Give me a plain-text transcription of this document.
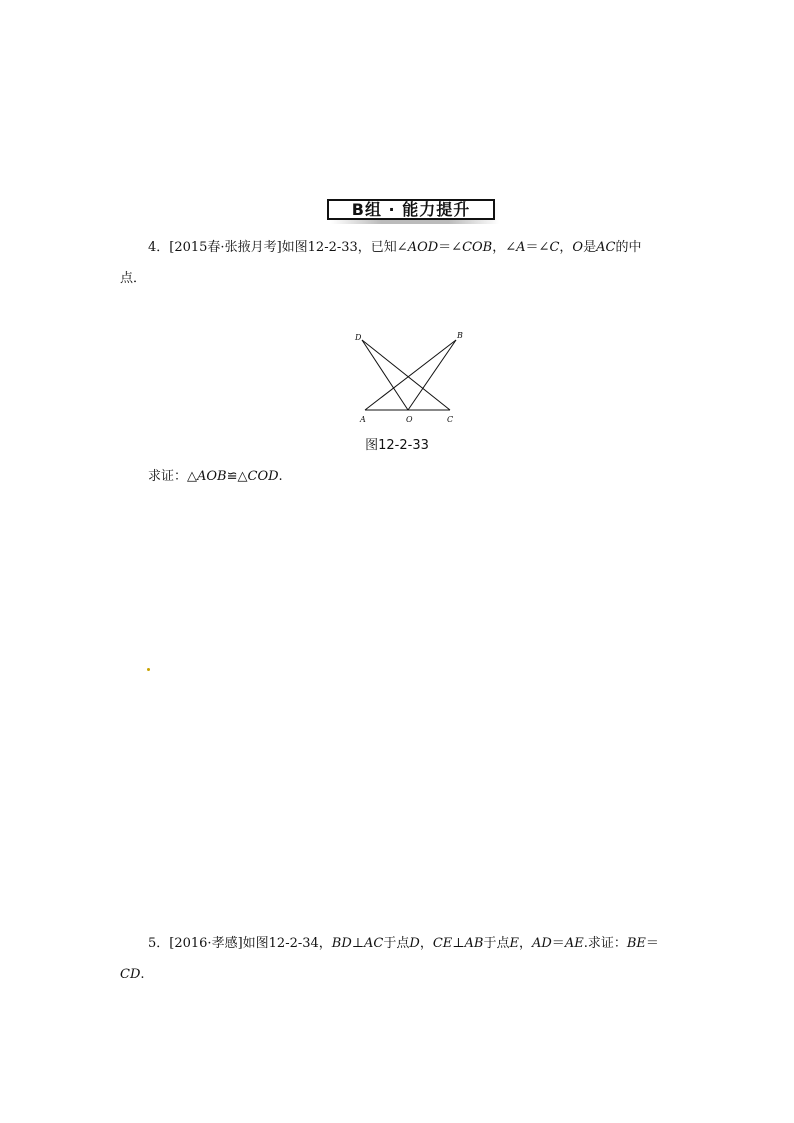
B组 · 能力提升
4．[2015春·张掖月考]如图12-2-33，已知∠AOD＝∠COB，∠A＝∠C，O是AC的中
点．
D	B
A	O	C
图12-2-33
求证：△AOB≌△COD.
5．[2016·孝感]如图12-2-34，BD⊥AC于点D，CE⊥AB于点E，AD＝AE.求证：BE＝
CD.
